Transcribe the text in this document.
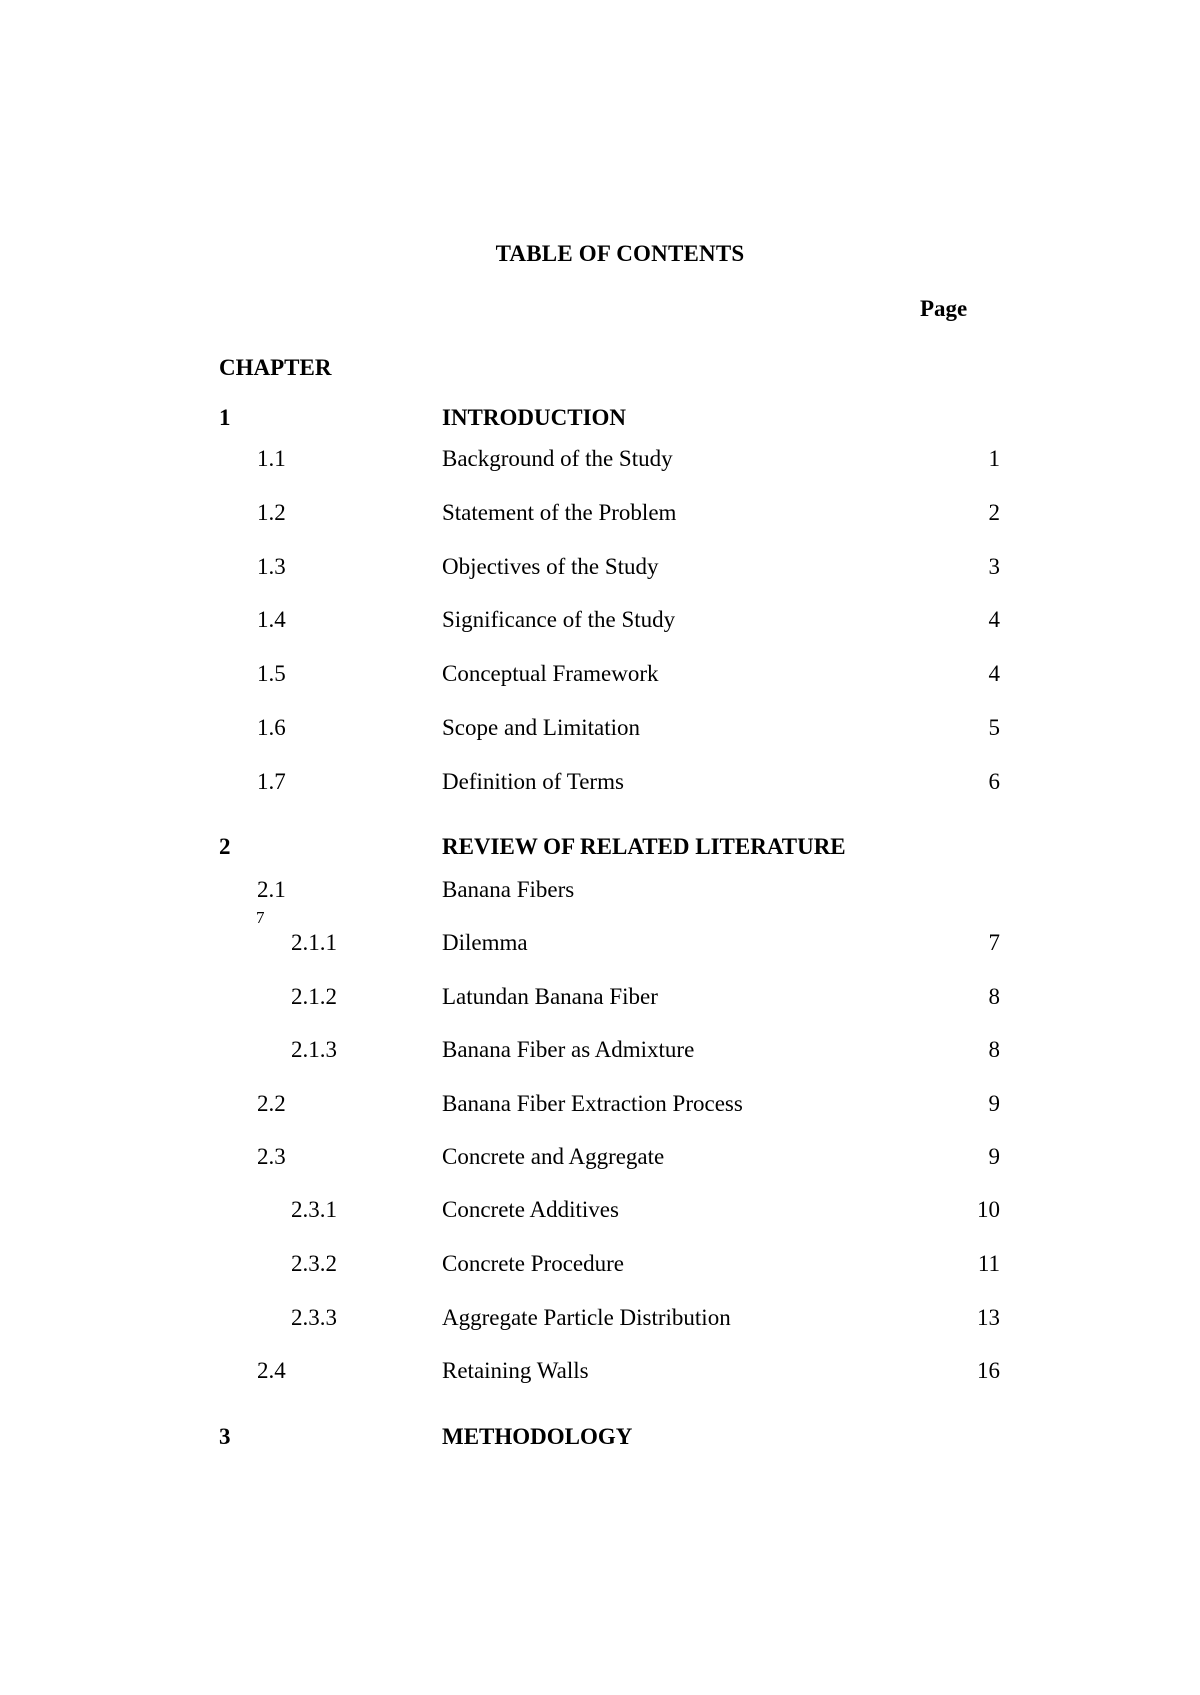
TABLE OF CONTENTS
Page
CHAPTER
1	INTRODUCTION
1.1	Background of the Study	1
1.2	Statement of the Problem	2
1.3	Objectives of the Study	3
1.4	Significance of the Study	4
1.5	Conceptual Framework	4
1.6	Scope and Limitation	5
1.7	Definition of Terms	6
2	REVIEW OF RELATED LITERATURE
2.1	Banana Fibers
2.1.1	Dilemma	7
2.1.2	Latundan Banana Fiber	8
2.1.3	Banana Fiber as Admixture	8
2.2	Banana Fiber Extraction Process	9
2.3	Concrete and Aggregate	9
2.3.1	Concrete Additives	10
2.3.2	Concrete Procedure	11
2.3.3	Aggregate Particle Distribution	13
2.4	Retaining Walls	16
3	METHODOLOGY
7
